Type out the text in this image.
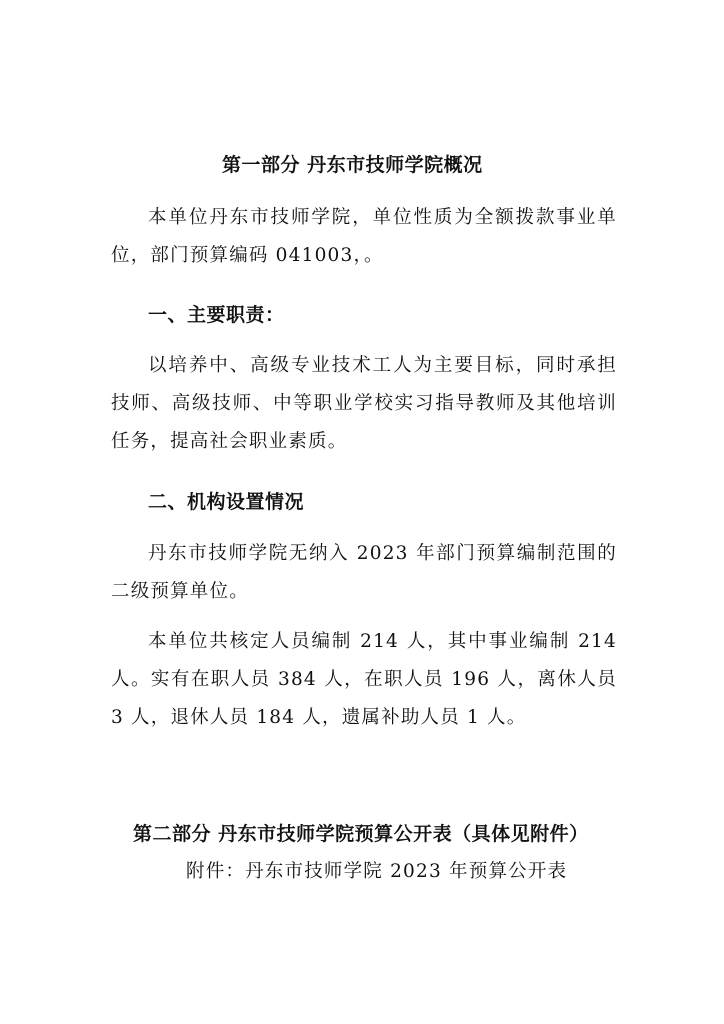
第一部分 丹东市技师学院概况

本单位丹东市技师学院，单位性质为全额拨款事业单位，部门预算编码 041003，。

一、主要职责：

以培养中、高级专业技术工人为主要目标，同时承担技师、高级技师、中等职业学校实习指导教师及其他培训任务，提高社会职业素质。

二、机构设置情况

丹东市技师学院无纳入 2023 年部门预算编制范围的二级预算单位。

本单位共核定人员编制 214 人，其中事业编制 214 人。实有在职人员 384 人，在职人员 196 人，离休人员 3 人，退休人员 184 人，遗属补助人员 1 人。

第二部分 丹东市技师学院预算公开表（具体见附件）
附件：丹东市技师学院 2023 年预算公开表
